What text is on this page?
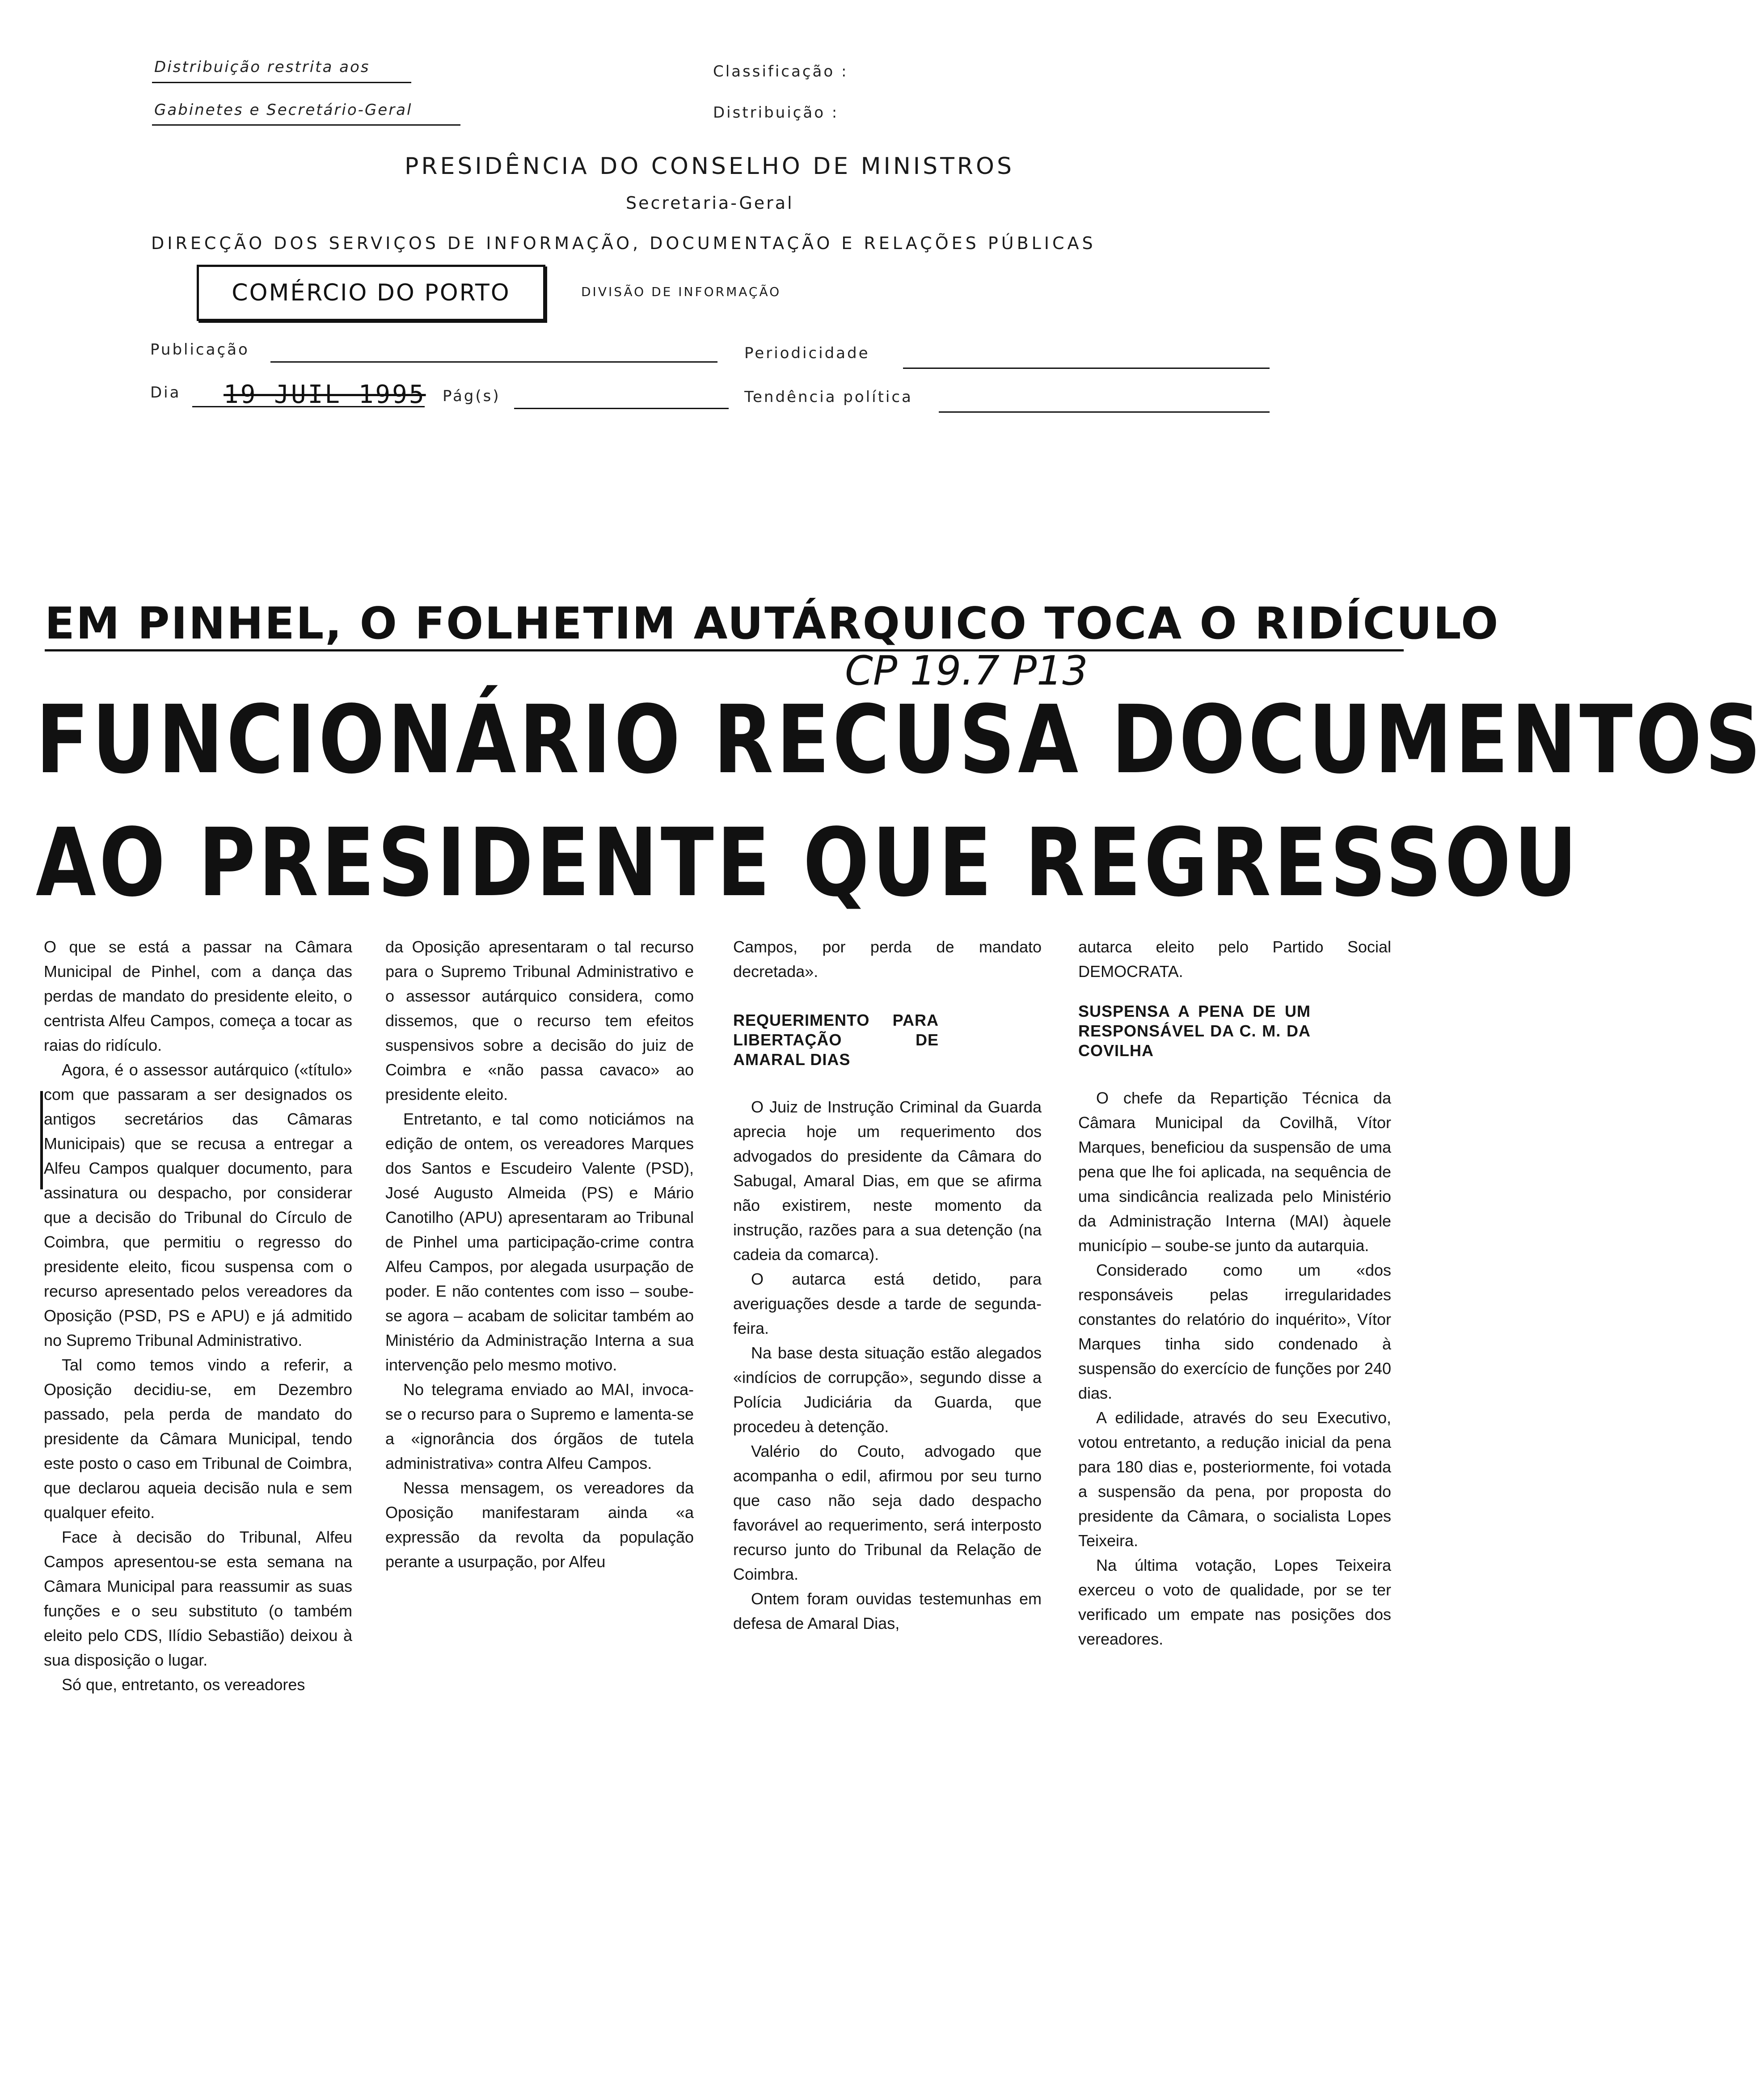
Distribuição restrita aos
Gabinetes e Secretário-Geral
Classificação :
Distribuição :
PRESIDÊNCIA DO CONSELHO DE MINISTROS
Secretaria-Geral
DIRECÇÃO DOS SERVIÇOS DE INFORMAÇÃO, DOCUMENTAÇÃO E RELAÇÕES PÚBLICAS
COMÉRCIO DO PORTO	DIVISÃO DE INFORMAÇÃO
Publicação	Periodicidade
Dia 19 JUIL 1995 Pág(s)	Tendência política
EM PINHEL, O FOLHETIM AUTÁRQUICO TOCA O RIDÍCULO
CP 19.7 P13
FUNCIONÁRIO RECUSA DOCUMENTOS
AO PRESIDENTE QUE REGRESSOU

O que se está a passar na Câmara Municipal de Pinhel, com a dança das perdas de mandato do presidente eleito, o centrista Alfeu Campos, começa a tocar as raias do ridículo.

Agora, é o assessor autárquico («título» com que passaram a ser designados os antigos secretários das Câmaras Municipais) que se recusa a entregar a Alfeu Campos qualquer documento, para assinatura ou despacho, por considerar que a decisão do Tribunal do Círculo de Coimbra, que permitiu o regresso do presidente eleito, ficou suspensa com o recurso apresentado pelos vereadores da Oposição (PSD, PS e APU) e já admitido no Supremo Tribunal Administrativo.

Tal como temos vindo a referir, a Oposição decidiu-se, em Dezembro passado, pela perda de mandato do presidente da Câmara Municipal, tendo este posto o caso em Tribunal de Coimbra, que declarou aqueia decisão nula e sem qualquer efeito.

Face à decisão do Tribunal, Alfeu Campos apresentou-se esta semana na Câmara Municipal para reassumir as suas funções e o seu substituto (o também eleito pelo CDS, Ilídio Sebastião) deixou à sua disposição o lugar.

Só que, entretanto, os vereadores

da Oposição apresentaram o tal recurso para o Supremo Tribunal Administrativo e o assessor autárquico considera, como dissemos, que o recurso tem efeitos suspensivos sobre a decisão do juiz de Coimbra e «não passa cavaco» ao presidente eleito.

Entretanto, e tal como noticiámos na edição de ontem, os vereadores Marques dos Santos e Escudeiro Valente (PSD), José Augusto Almeida (PS) e Mário Canotilho (APU) apresentaram ao Tribunal de Pinhel uma participação-crime contra Alfeu Campos, por alegada usurpação de poder. E não contentes com isso – soube-se agora – acabam de solicitar também ao Ministério da Administração Interna a sua intervenção pelo mesmo motivo.

No telegrama enviado ao MAI, invoca-se o recurso para o Supremo e lamenta-se a «ignorância dos órgãos de tutela administrativa» contra Alfeu Campos.

Nessa mensagem, os vereadores da Oposição manifestaram ainda «a expressão da revolta da população perante a usurpação, por Alfeu

Campos, por perda de mandato decretada».

REQUERIMENTO PARA LIBERTAÇÃO DE AMARAL DIAS

O Juiz de Instrução Criminal da Guarda aprecia hoje um requerimento dos advogados do presidente da Câmara do Sabugal, Amaral Dias, em que se afirma não existirem, neste momento da instrução, razões para a sua detenção (na cadeia da comarca).

O autarca está detido, para averiguações desde a tarde de segunda-feira.

Na base desta situação estão alegados «indícios de corrupção», segundo disse a Polícia Judiciária da Guarda, que procedeu à detenção.

Valério do Couto, advogado que acompanha o edil, afirmou por seu turno que caso não seja dado despacho favorável ao requerimento, será interposto recurso junto do Tribunal da Relação de Coimbra.

Ontem foram ouvidas testemunhas em defesa de Amaral Dias,

autarca eleito pelo Partido Social DEMOCRATA.

SUSPENSA A PENA DE UM RESPONSÁVEL DA C. M. DA COVILHA

O chefe da Repartição Técnica da Câmara Municipal da Covilhã, Vítor Marques, beneficiou da suspensão de uma pena que lhe foi aplicada, na sequência de uma sindicância realizada pelo Ministério da Administração Interna (MAI) àquele município – soube-se junto da autarquia.

Considerado como um «dos responsáveis pelas irregularidades constantes do relatório do inquérito», Vítor Marques tinha sido condenado à suspensão do exercício de funções por 240 dias.

A edilidade, através do seu Executivo, votou entretanto, a redução inicial da pena para 180 dias e, posteriormente, foi votada a suspensão da pena, por proposta do presidente da Câmara, o socialista Lopes Teixeira.

Na última votação, Lopes Teixeira exerceu o voto de qualidade, por se ter verificado um empate nas posições dos vereadores.
